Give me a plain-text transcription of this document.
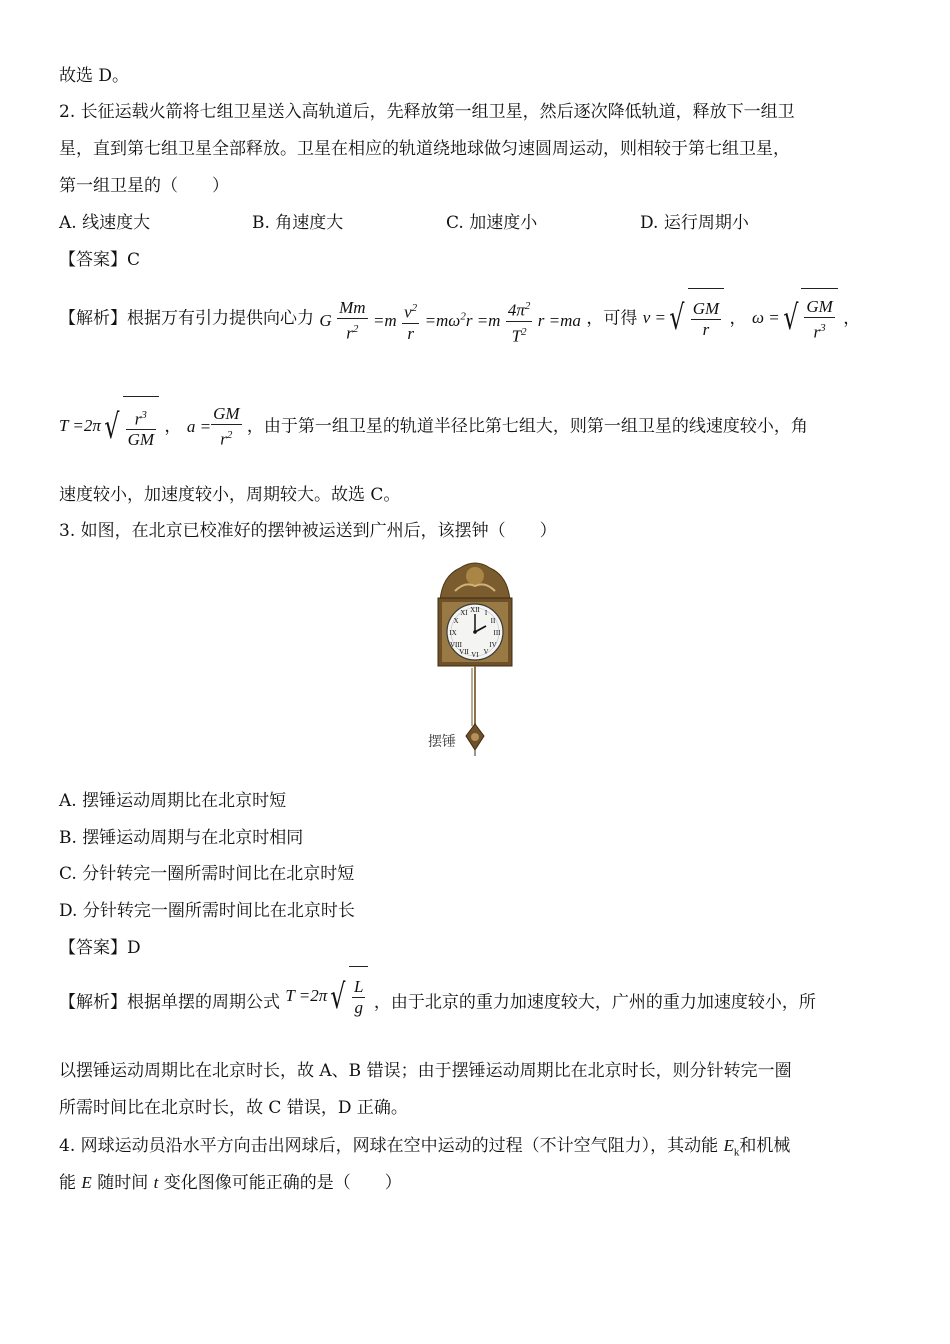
故选 D。
2. 长征运载火箭将七组卫星送入高轨道后，先释放第一组卫星，然后逐次降低轨道，释放下一组卫
星，直到第七组卫星全部释放。卫星在相应的轨道绕地球做匀速圆周运动，则相较于第七组卫星，
第一组卫星的（　　）
A. 线速度大	B. 角速度大	C. 加速度小	D. 运行周期小
【答案】C
【解析】根据万有引力提供向心力 G $\frac{Mm}{r^2} =m \frac{v^2}{r} =m\omega^2r =m \frac{4\pi^2}{T^2}$ r =ma ，可得 v =√ $\frac{GM}{r}$ ， ω =√ $\frac{GM}{r^3}$ ，
$T =2\pi√ \frac{r^3}{GM}$ ， $a = \frac{GM}{r^2}$ ，由于第一组卫星的轨道半径比第七组大，则第一组卫星的线速度较小，角
速度较小，加速度较小，周期较大。故选 C。
3. 如图，在北京已校准好的摆钟被运送到广州后，该摆钟（　　）
XII
III
VI
IX
I
II
IV
V
VII
VIII
X
XI
摆锤
A. 摆锤运动周期比在北京时短
B. 摆锤运动周期与在北京时相同
C. 分针转完一圈所需时间比在北京时短
D. 分针转完一圈所需时间比在北京时长
【答案】D
【解析】根据单摆的周期公式 $T =2\pi√ \frac{L}{g}$ ，由于北京的重力加速度较大，广州的重力加速度较小，所
以摆锤运动周期比在北京时长，故 A、B 错误；由于摆锤运动周期比在北京时长，则分针转完一圈
所需时间比在北京时长，故 C 错误，D 正确。
4. 网球运动员沿水平方向击出网球后，网球在空中运动的过程（不计空气阻力），其动能 $E_k$和机械
能 E 随时间 t 变化图像可能正确的是（　　）
